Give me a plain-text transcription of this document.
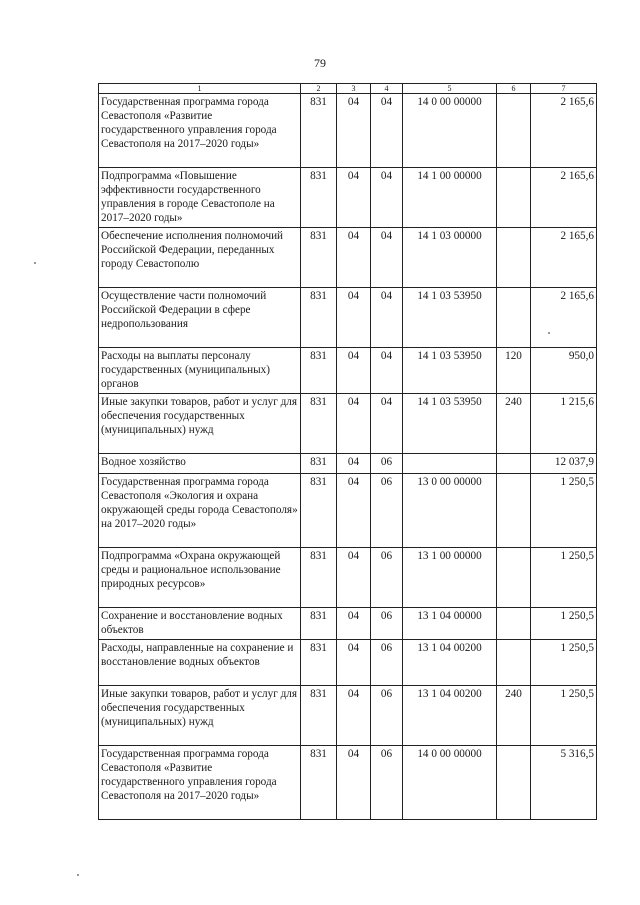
79
1	2	3	4	5	6	7
Государственная программа города Севастополя «Развитие государственного управления города Севастополя на 2017–2020 годы»	831	04	04	14 0 00 00000		2 165,6
Подпрограмма «Повышение эффективности государственного управления в городе Севастополе на 2017–2020 годы»	831	04	04	14 1 00 00000		2 165,6
Обеспечение исполнения полномочий Российской Федерации, переданных городу Севастополю	831	04	04	14 1 03 00000		2 165,6
Осуществление части полномочий Российской Федерации в сфере недропользования	831	04	04	14 1 03 53950		2 165,6
Расходы на выплаты персоналу государственных (муниципальных) органов	831	04	04	14 1 03 53950	120	950,0
Иные закупки товаров, работ и услуг для обеспечения государственных (муниципальных) нужд	831	04	04	14 1 03 53950	240	1 215,6
Водное хозяйство	831	04	06			12 037,9
Государственная программа города Севастополя «Экология и охрана окружающей среды города Севастополя» на 2017–2020 годы»	831	04	06	13 0 00 00000		1 250,5
Подпрограмма «Охрана окружающей среды и рациональное использование природных ресурсов»	831	04	06	13 1 00 00000		1 250,5
Сохранение и восстановление водных объектов	831	04	06	13 1 04 00000		1 250,5
Расходы, направленные на сохранение и восстановление водных объектов	831	04	06	13 1 04 00200		1 250,5
Иные закупки товаров, работ и услуг для обеспечения государственных (муниципальных) нужд	831	04	06	13 1 04 00200	240	1 250,5
Государственная программа города Севастополя «Развитие государственного управления города Севастополя на 2017–2020 годы»	831	04	06	14 0 00 00000		5 316,5
